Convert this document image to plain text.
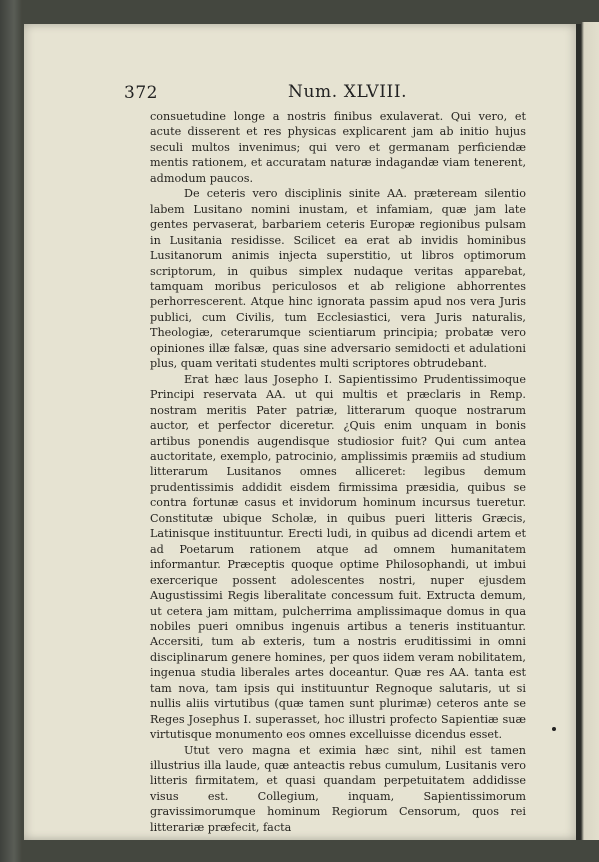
372	Num. XLVIII.

consuetudine longe a nostris finibus exulaverat. Qui vero, et acute disserent et res physicas explicarent jam ab initio hujus seculi multos invenimus; qui vero et germanam perficiendæ mentis rationem, et accuratam naturæ indagandæ viam tenerent, admodum paucos.

De ceteris vero disciplinis sinite AA. præteream silentio labem Lusitano nomini inustam, et infamiam, quæ jam late gentes pervaserat, barbariem ceteris Europæ regionibus pulsam in Lusitania residisse. Scilicet ea erat ab invidis hominibus Lusitanorum animis injecta superstitio, ut libros optimorum scriptorum, in quibus simplex nudaque veritas apparebat, tamquam moribus periculosos et ab religione abhorrentes perhorrescerent. Atque hinc ignorata passim apud nos vera Juris publici, cum Civilis, tum Ecclesiastici, vera Juris naturalis, Theologiæ, ceterarumque scientiarum principia; probatæ vero opiniones illæ falsæ, quas sine adversario semidocti et adulationi plus, quam veritati studentes multi scriptores obtrudebant.

Erat hæc laus Josepho I. Sapientissimo Prudentissimoque Principi reservata AA. ut qui multis et præclaris in Remp. nostram meritis Pater patriæ, litterarum quoque nostrarum auctor, et perfector diceretur. ¿Quis enim unquam in bonis artibus ponendis augendisque studiosior fuit? Qui cum antea auctoritate, exemplo, patrocinio, amplissimis præmiis ad studium litterarum Lusitanos omnes alliceret: legibus demum prudentissimis addidit eisdem firmissima præsidia, quibus se contra fortunæ casus et invidorum hominum incursus tueretur. Constitutæ ubique Scholæ, in quibus pueri litteris Græcis, Latinisque instituuntur. Erecti ludi, in quibus ad dicendi artem et ad Poetarum rationem atque ad omnem humanitatem informantur. Præceptis quoque optime Philosophandi, ut imbui exercerique possent adolescentes nostri, nuper ejusdem Augustissimi Regis liberalitate concessum fuit. Extructa demum, ut cetera jam mittam, pulcherrima amplissimaque domus in qua nobiles pueri omnibus ingenuis artibus a teneris instituantur. Accersiti, tum ab exteris, tum a nostris eruditissimi in omni disciplinarum genere homines, per quos iidem veram nobilitatem, ingenua studia liberales artes doceantur. Quæ res AA. tanta est tam nova, tam ipsis qui instituuntur Regnoque salutaris, ut si nullis aliis virtutibus (quæ tamen sunt plurimæ) ceteros ante se Reges Josephus I. superasset, hoc illustri profecto Sapientiæ suæ virtutisque monumento eos omnes excelluisse dicendus esset.

Utut vero magna et eximia hæc sint, nihil est tamen illustrius illa laude, quæ anteactis rebus cumulum, Lusitanis vero litteris firmitatem, et quasi quandam perpetuitatem addidisse visus est. Collegium, inquam, Sapientissimorum gravissimorumque hominum Regiorum Censorum, quos rei litterariæ præfecit, facta
